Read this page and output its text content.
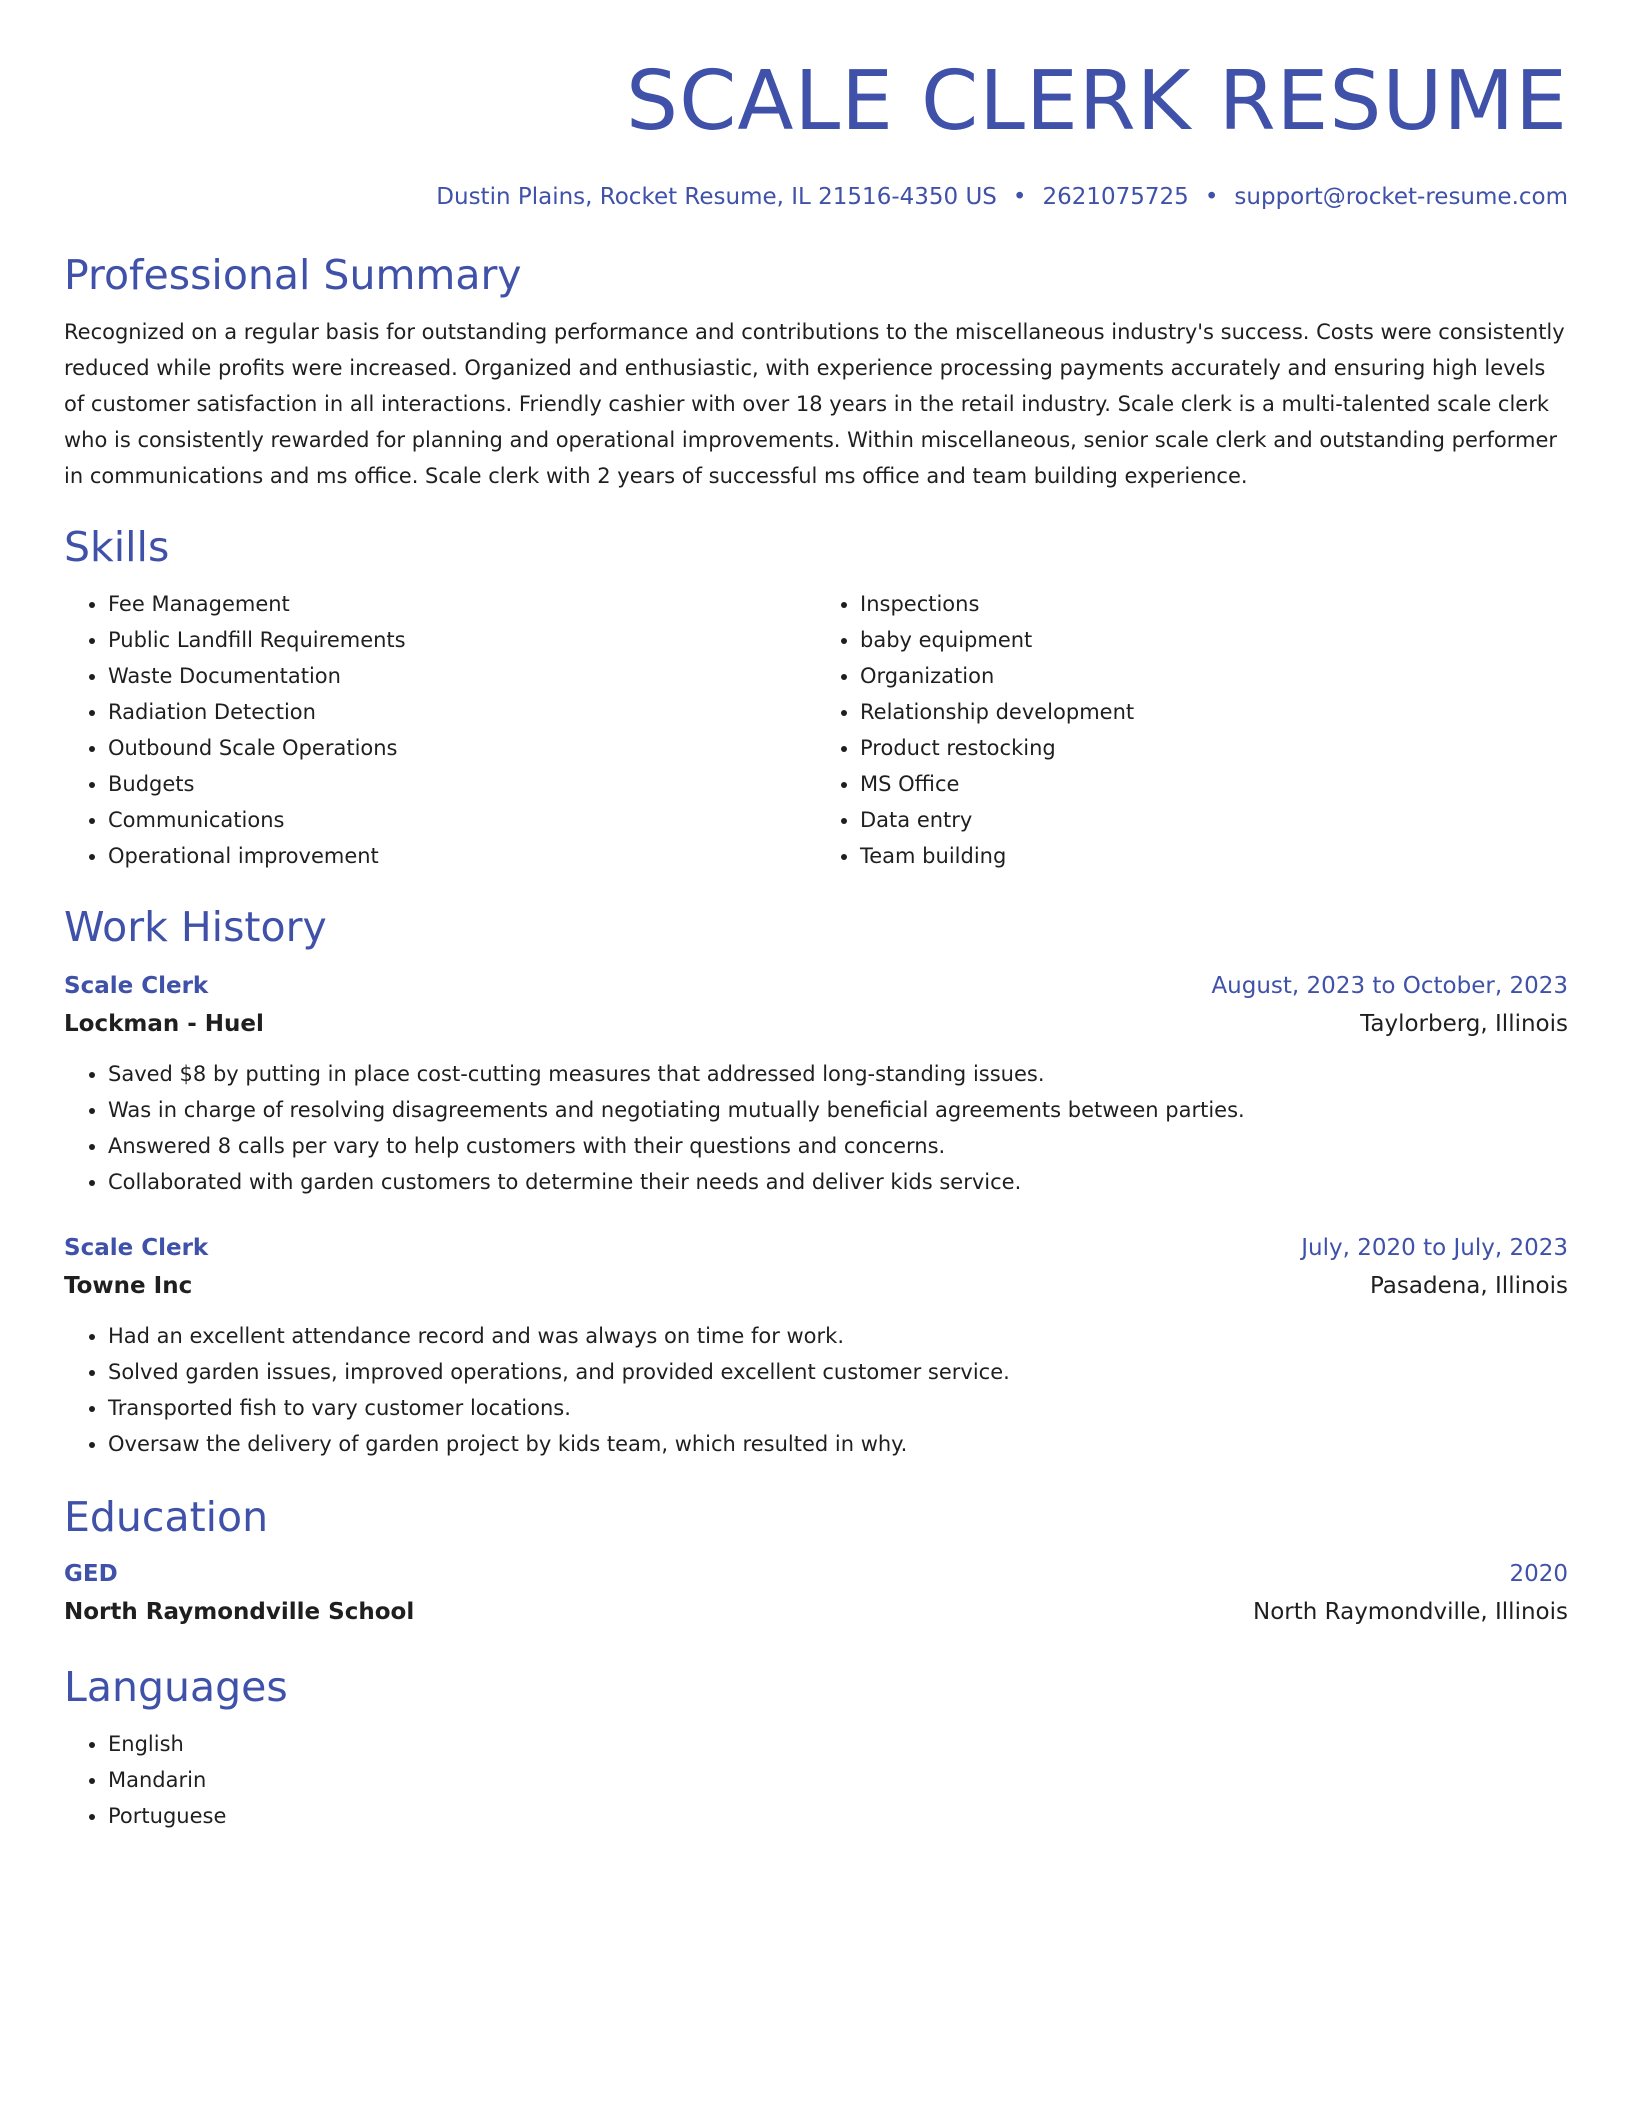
SCALE CLERK RESUME
Dustin Plains, Rocket Resume, IL 21516-4350 US • 2621075725 • support@rocket-resume.com
Professional Summary

Recognized on a regular basis for outstanding performance and contributions to the miscellaneous industry's success. Costs were consistently reduced while profits were increased. Organized and enthusiastic, with experience processing payments accurately and ensuring high levels of customer satisfaction in all interactions. Friendly cashier with over 18 years in the retail industry. Scale clerk is a multi-talented scale clerk who is consistently rewarded for planning and operational improvements. Within miscellaneous, senior scale clerk and outstanding performer in communications and ms office. Scale clerk with 2 years of successful ms office and team building experience.

Skills
• Fee Management
• Public Landfill Requirements
• Waste Documentation
• Radiation Detection
• Outbound Scale Operations
• Budgets
• Communications
• Operational improvement
• Inspections
• baby equipment
• Organization
• Relationship development
• Product restocking
• MS Office
• Data entry
• Team building
Work History
Scale Clerk	August, 2023 to October, 2023
Lockman - Huel	Taylorberg, Illinois
• Saved $8 by putting in place cost-cutting measures that addressed long-standing issues.
• Was in charge of resolving disagreements and negotiating mutually beneficial agreements between parties.
• Answered 8 calls per vary to help customers with their questions and concerns.
• Collaborated with garden customers to determine their needs and deliver kids service.
Scale Clerk	July, 2020 to July, 2023
Towne Inc	Pasadena, Illinois
• Had an excellent attendance record and was always on time for work.
• Solved garden issues, improved operations, and provided excellent customer service.
• Transported fish to vary customer locations.
• Oversaw the delivery of garden project by kids team, which resulted in why.
Education
GED	2020
North Raymondville School	North Raymondville, Illinois
Languages
• English
• Mandarin
• Portuguese
